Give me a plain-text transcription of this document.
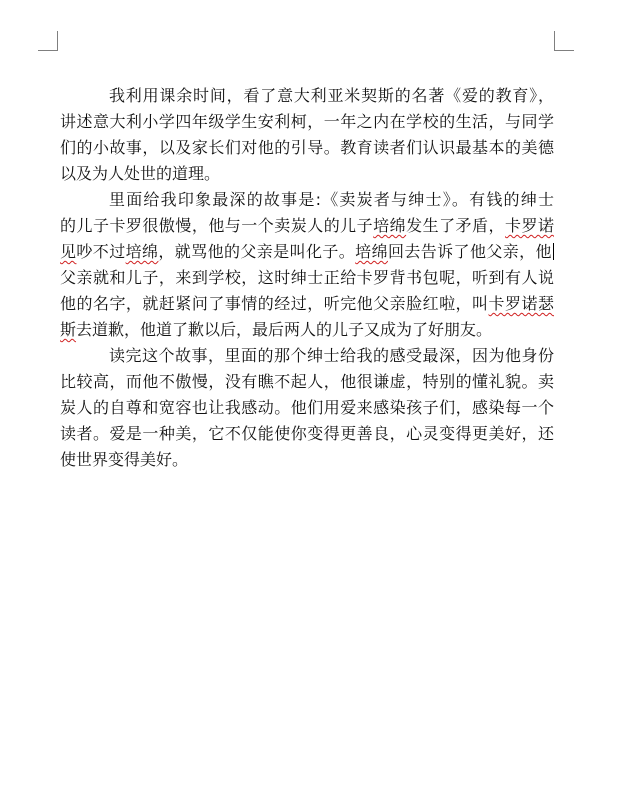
我利用课余时间，看了意大利亚米契斯的名著《爱的教育》，
讲述意大利小学四年级学生安利柯，一年之内在学校的生活，与同学
们的小故事，以及家长们对他的引导。教育读者们认识最基本的美德
以及为人处世的道理。
里面给我印象最深的故事是:《卖炭者与绅士》。有钱的绅士
的儿子卡罗很傲慢，他与一个卖炭人的儿子培绵发生了矛盾，卡罗诺
见吵不过培绵，就骂他的父亲是叫化子。培绵回去告诉了他父亲，他
父亲就和儿子，来到学校，这时绅士正给卡罗背书包呢，听到有人说
他的名字，就赶紧问了事情的经过，听完他父亲脸红啦，叫卡罗诺瑟
斯去道歉，他道了歉以后，最后两人的儿子又成为了好朋友。
读完这个故事，里面的那个绅士给我的感受最深，因为他身份
比较高，而他不傲慢，没有瞧不起人，他很谦虚，特别的懂礼貌。卖
炭人的自尊和宽容也让我感动。他们用爱来感染孩子们，感染每一个
读者。爱是一种美，它不仅能使你变得更善良，心灵变得更美好，还
使世界变得美好。
